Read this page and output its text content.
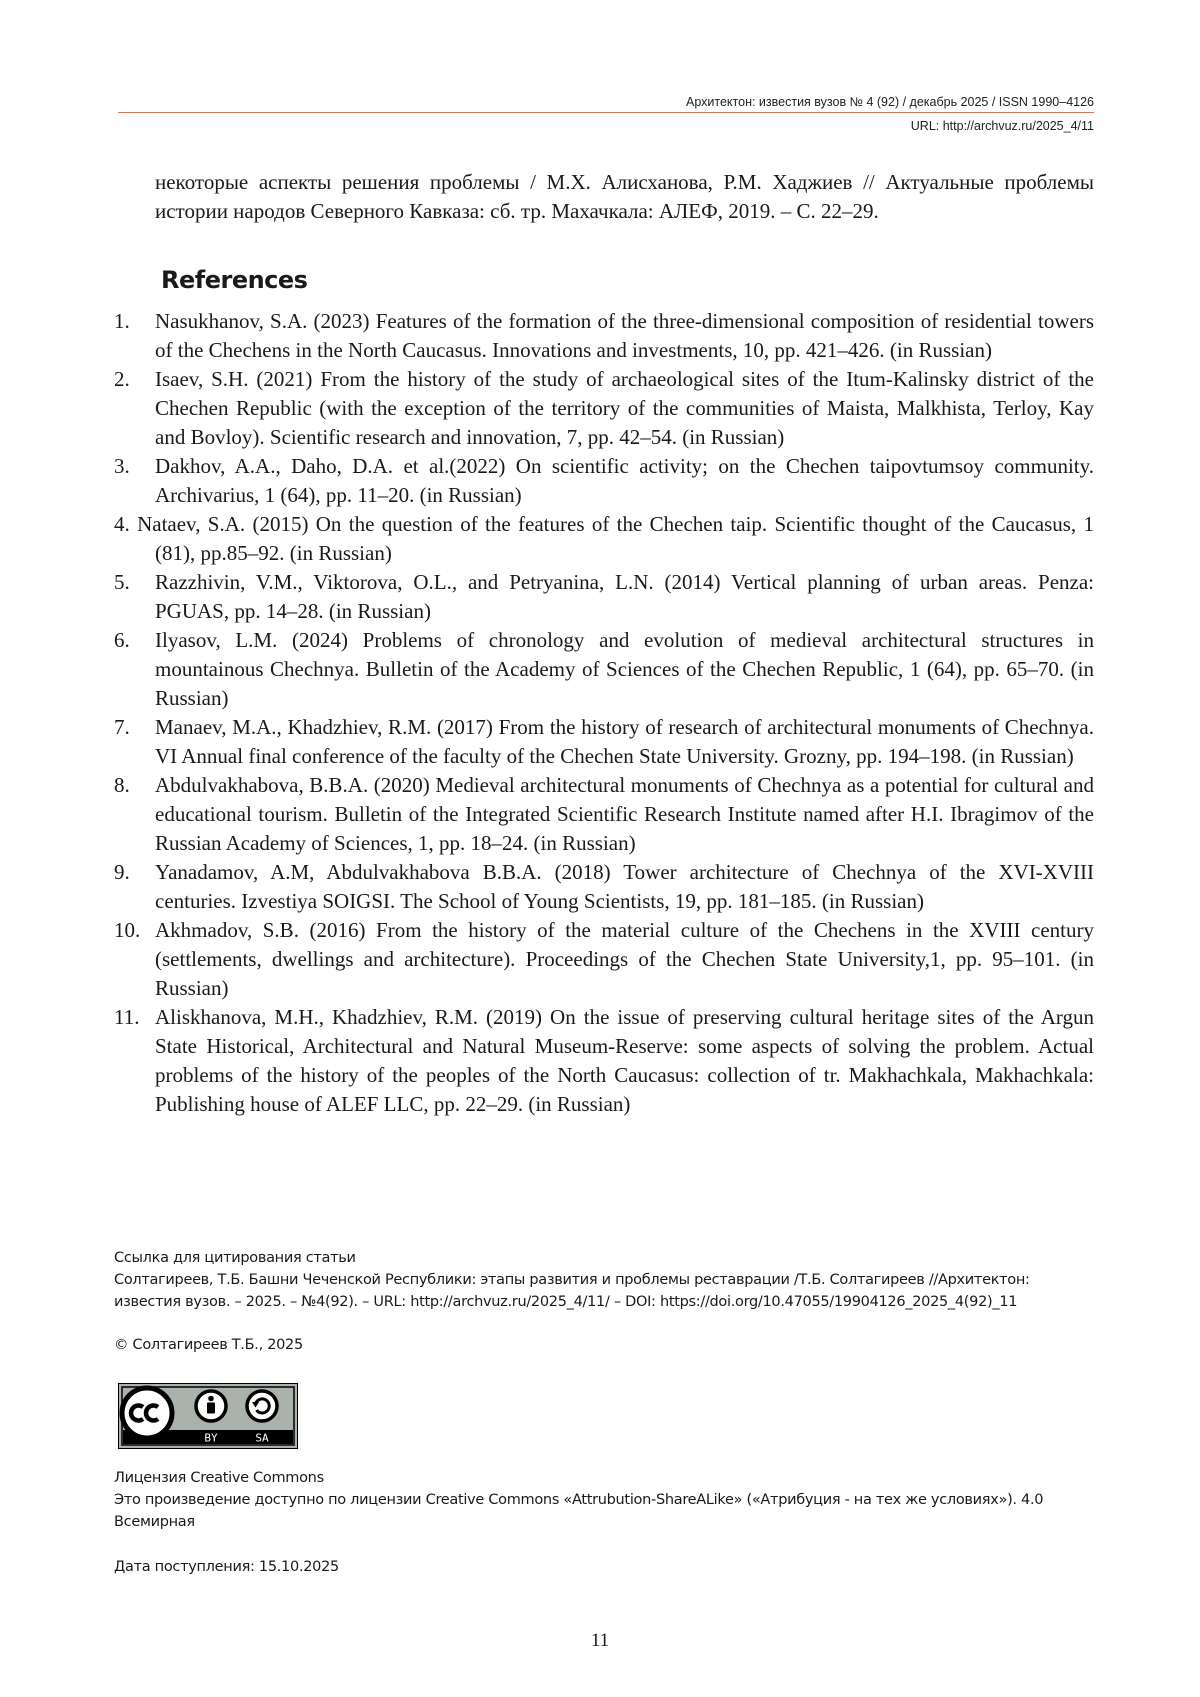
Архитектон: известия вузов № 4 (92) / декабрь 2025 / ISSN 1990–4126
URL: http://archvuz.ru/2025_4/11
некоторые аспекты решения проблемы / М.Х. Алисханова, Р.М. Хаджиев // Актуальные проблемы истории народов Северного Кавказа: сб. тр. Махачкала: АЛЕФ, 2019. – С. 22–29.
References
1. Nasukhanov, S.A. (2023) Features of the formation of the three-dimensional composition of residential towers of the Chechens in the North Caucasus. Innovations and investments, 10, pp. 421–426. (in Russian)
2. Isaev, S.H. (2021) From the history of the study of archaeological sites of the Itum-Kalinsky district of the Chechen Republic (with the exception of the territory of the communities of Maista, Malkhista, Terloy, Kay and Bovloy). Scientific research and innovation, 7, pp. 42–54. (in Russian)
3. Dakhov, A.A., Daho, D.A. et al.(2022) On scientific activity; on the Chechen taipovtumsoy community. Archivarius, 1 (64), pp. 11–20. (in Russian)
4. Nataev, S.A. (2015) On the question of the features of the Chechen taip. Scientific thought of the Caucasus, 1 (81), pp.85–92. (in Russian)
5. Razzhivin, V.M., Viktorova, O.L., and Petryanina, L.N. (2014) Vertical planning of urban areas. Penza: PGUAS, pp. 14–28. (in Russian)
6. Ilyasov, L.M. (2024) Problems of chronology and evolution of medieval architectural structures in mountainous Chechnya. Bulletin of the Academy of Sciences of the Chechen Republic, 1 (64), pp. 65–70. (in Russian)
7. Manaev, M.A., Khadzhiev, R.M. (2017) From the history of research of architectural monuments of Chechnya. VI Annual final conference of the faculty of the Chechen State University. Grozny, pp. 194–198. (in Russian)
8. Abdulvakhabova, B.B.A. (2020) Medieval architectural monuments of Chechnya as a potential for cultural and educational tourism. Bulletin of the Integrated Scientific Research Institute named after H.I. Ibragimov of the Russian Academy of Sciences, 1, pp. 18–24. (in Russian)
9. Yanadamov, A.M, Abdulvakhabova B.B.A. (2018) Tower architecture of Chechnya of the XVI-XVIII centuries. Izvestiya SOIGSI. The School of Young Scientists, 19, pp. 181–185. (in Russian)
10. Akhmadov, S.B. (2016) From the history of the material culture of the Chechens in the XVIII century (settlements, dwellings and architecture). Proceedings of the Chechen State University,1, pp. 95–101. (in Russian)
11. Aliskhanova, M.H., Khadzhiev, R.M. (2019) On the issue of preserving cultural heritage sites of the Argun State Historical, Architectural and Natural Museum-Reserve: some aspects of solving the problem. Actual problems of the history of the peoples of the North Caucasus: collection of tr. Makhachkala, Makhachkala: Publishing house of ALEF LLC, pp. 22–29. (in Russian)
Ссылка для цитирования статьи
Солтагиреев, Т.Б. Башни Чеченской Республики: этапы развития и проблемы реставрации /Т.Б. Солтагиреев //Архитектон: известия вузов. – 2025. – №4(92). – URL: http://archvuz.ru/2025_4/11/ – DOI: https://doi.org/10.47055/19904126_2025_4(92)_11
© Солтагиреев Т.Б., 2025
BY	SA
Лицензия Creative Commons
Это произведение доступно по лицензии Creative Commons «Attrubution-ShareALike» («Атрибуция - на тех же условиях»). 4.0 Всемирная
Дата поступления: 15.10.2025
11
